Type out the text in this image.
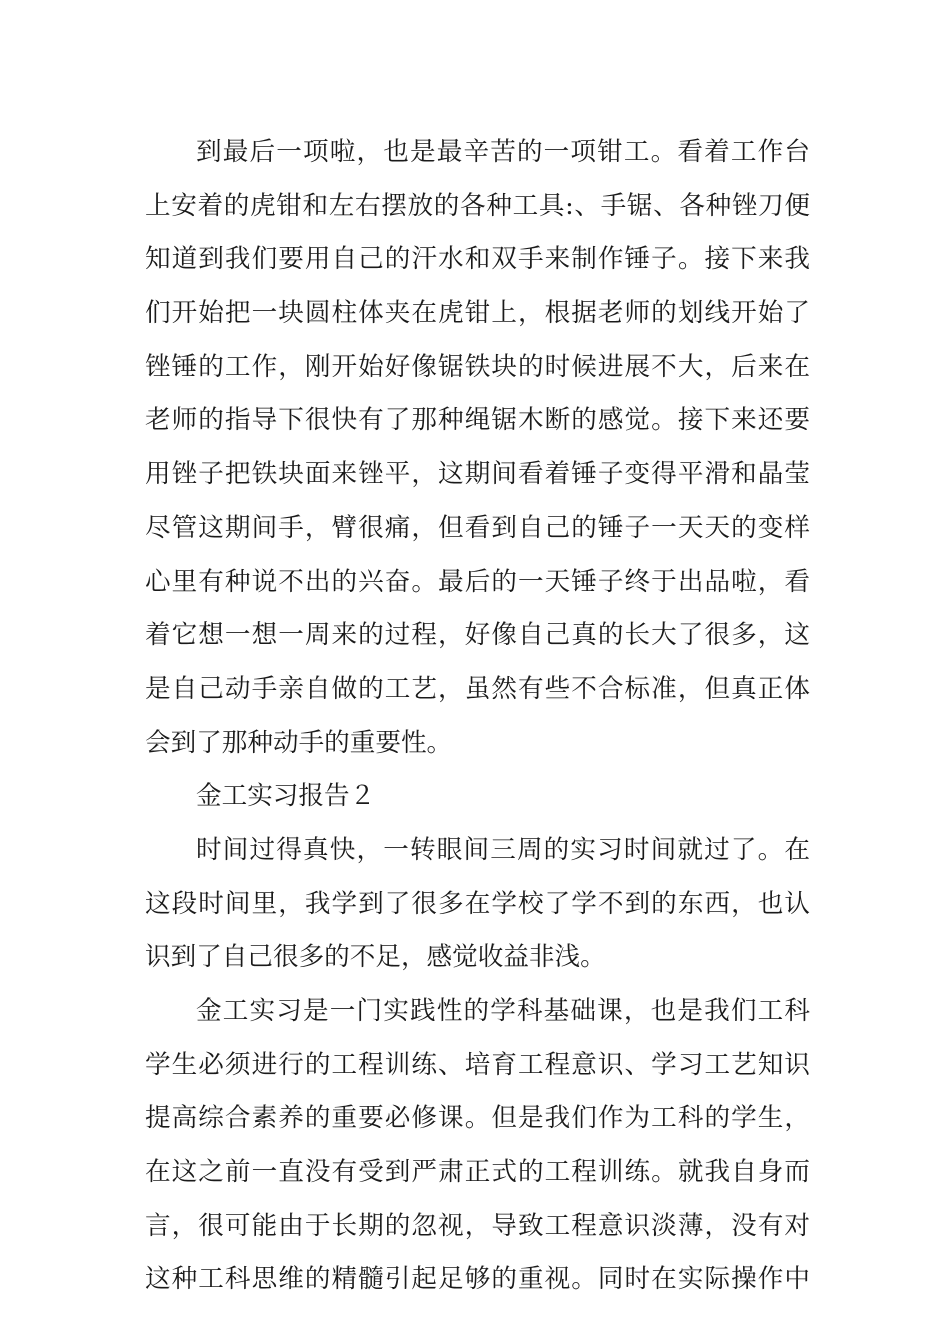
到最后一项啦，也是最辛苦的一项钳工。看着工作台
上安着的虎钳和左右摆放的各种工具:、手锯、各种锉刀便
知道到我们要用自己的汗水和双手来制作锤子。接下来我
们开始把一块圆柱体夹在虎钳上，根据老师的划线开始了
锉锤的工作，刚开始好像锯铁块的时候进展不大，后来在
老师的指导下很快有了那种绳锯木断的感觉。接下来还要
用锉子把铁块面来锉平，这期间看着锤子变得平滑和晶莹
尽管这期间手，臂很痛，但看到自己的锤子一天天的变样
心里有种说不出的兴奋。最后的一天锤子终于出品啦，看
着它想一想一周来的过程，好像自己真的长大了很多，这
是自己动手亲自做的工艺，虽然有些不合标准，但真正体
会到了那种动手的重要性。
金工实习报告２
时间过得真快，一转眼间三周的实习时间就过了。在
这段时间里，我学到了很多在学校了学不到的东西，也认
识到了自己很多的不足，感觉收益非浅。
金工实习是一门实践性的学科基础课，也是我们工科
学生必须进行的工程训练、培育工程意识、学习工艺知识
提高综合素养的重要必修课。但是我们作为工科的学生，
在这之前一直没有受到严肃正式的工程训练。就我自身而
言，很可能由于长期的忽视，导致工程意识淡薄，没有对
这种工科思维的精髓引起足够的重视。同时在实际操作中
